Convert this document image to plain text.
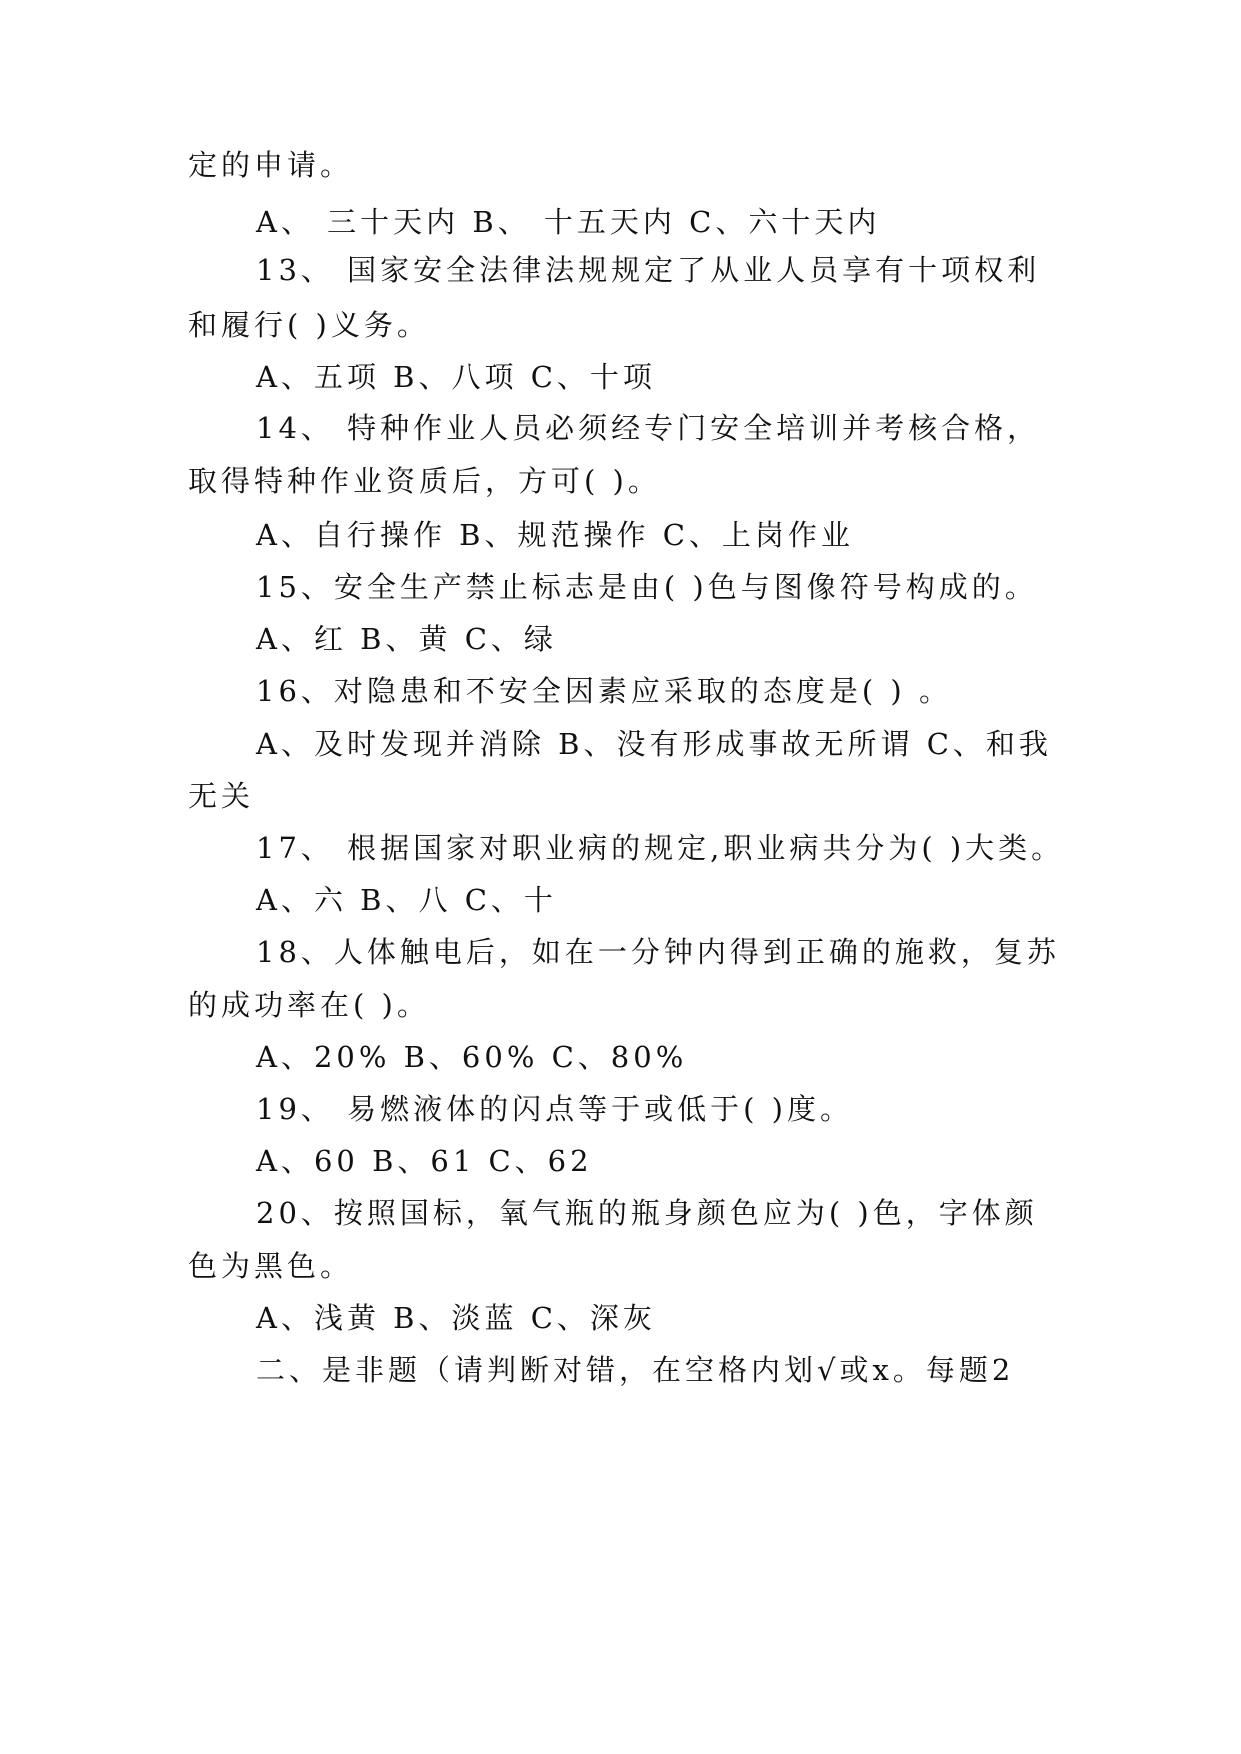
定的申请。
A、 三十天内 B、 十五天内 C、六十天内
13、 国家安全法律法规规定了从业人员享有十项权利
和履行( )义务。
A、五项 B、八项 C、十项
14、 特种作业人员必须经专门安全培训并考核合格，
取得特种作业资质后，方可( )。
A、自行操作 B、规范操作 C、上岗作业
15、安全生产禁止标志是由( )色与图像符号构成的。
A、红 B、黄 C、绿
16、对隐患和不安全因素应采取的态度是( ) 。
A、及时发现并消除 B、没有形成事故无所谓 C、和我
无关
17、 根据国家对职业病的规定,职业病共分为( )大类。
A、六 B、八 C、十
18、人体触电后，如在一分钟内得到正确的施救，复苏
的成功率在( )。
A、20% B、60% C、80%
19、 易燃液体的闪点等于或低于( )度。
A、60 B、61 C、62
20、按照国标，氧气瓶的瓶身颜色应为( )色，字体颜
色为黑色。
A、浅黄 B、淡蓝 C、深灰
二、是非题（请判断对错，在空格内划√或x。每题2
